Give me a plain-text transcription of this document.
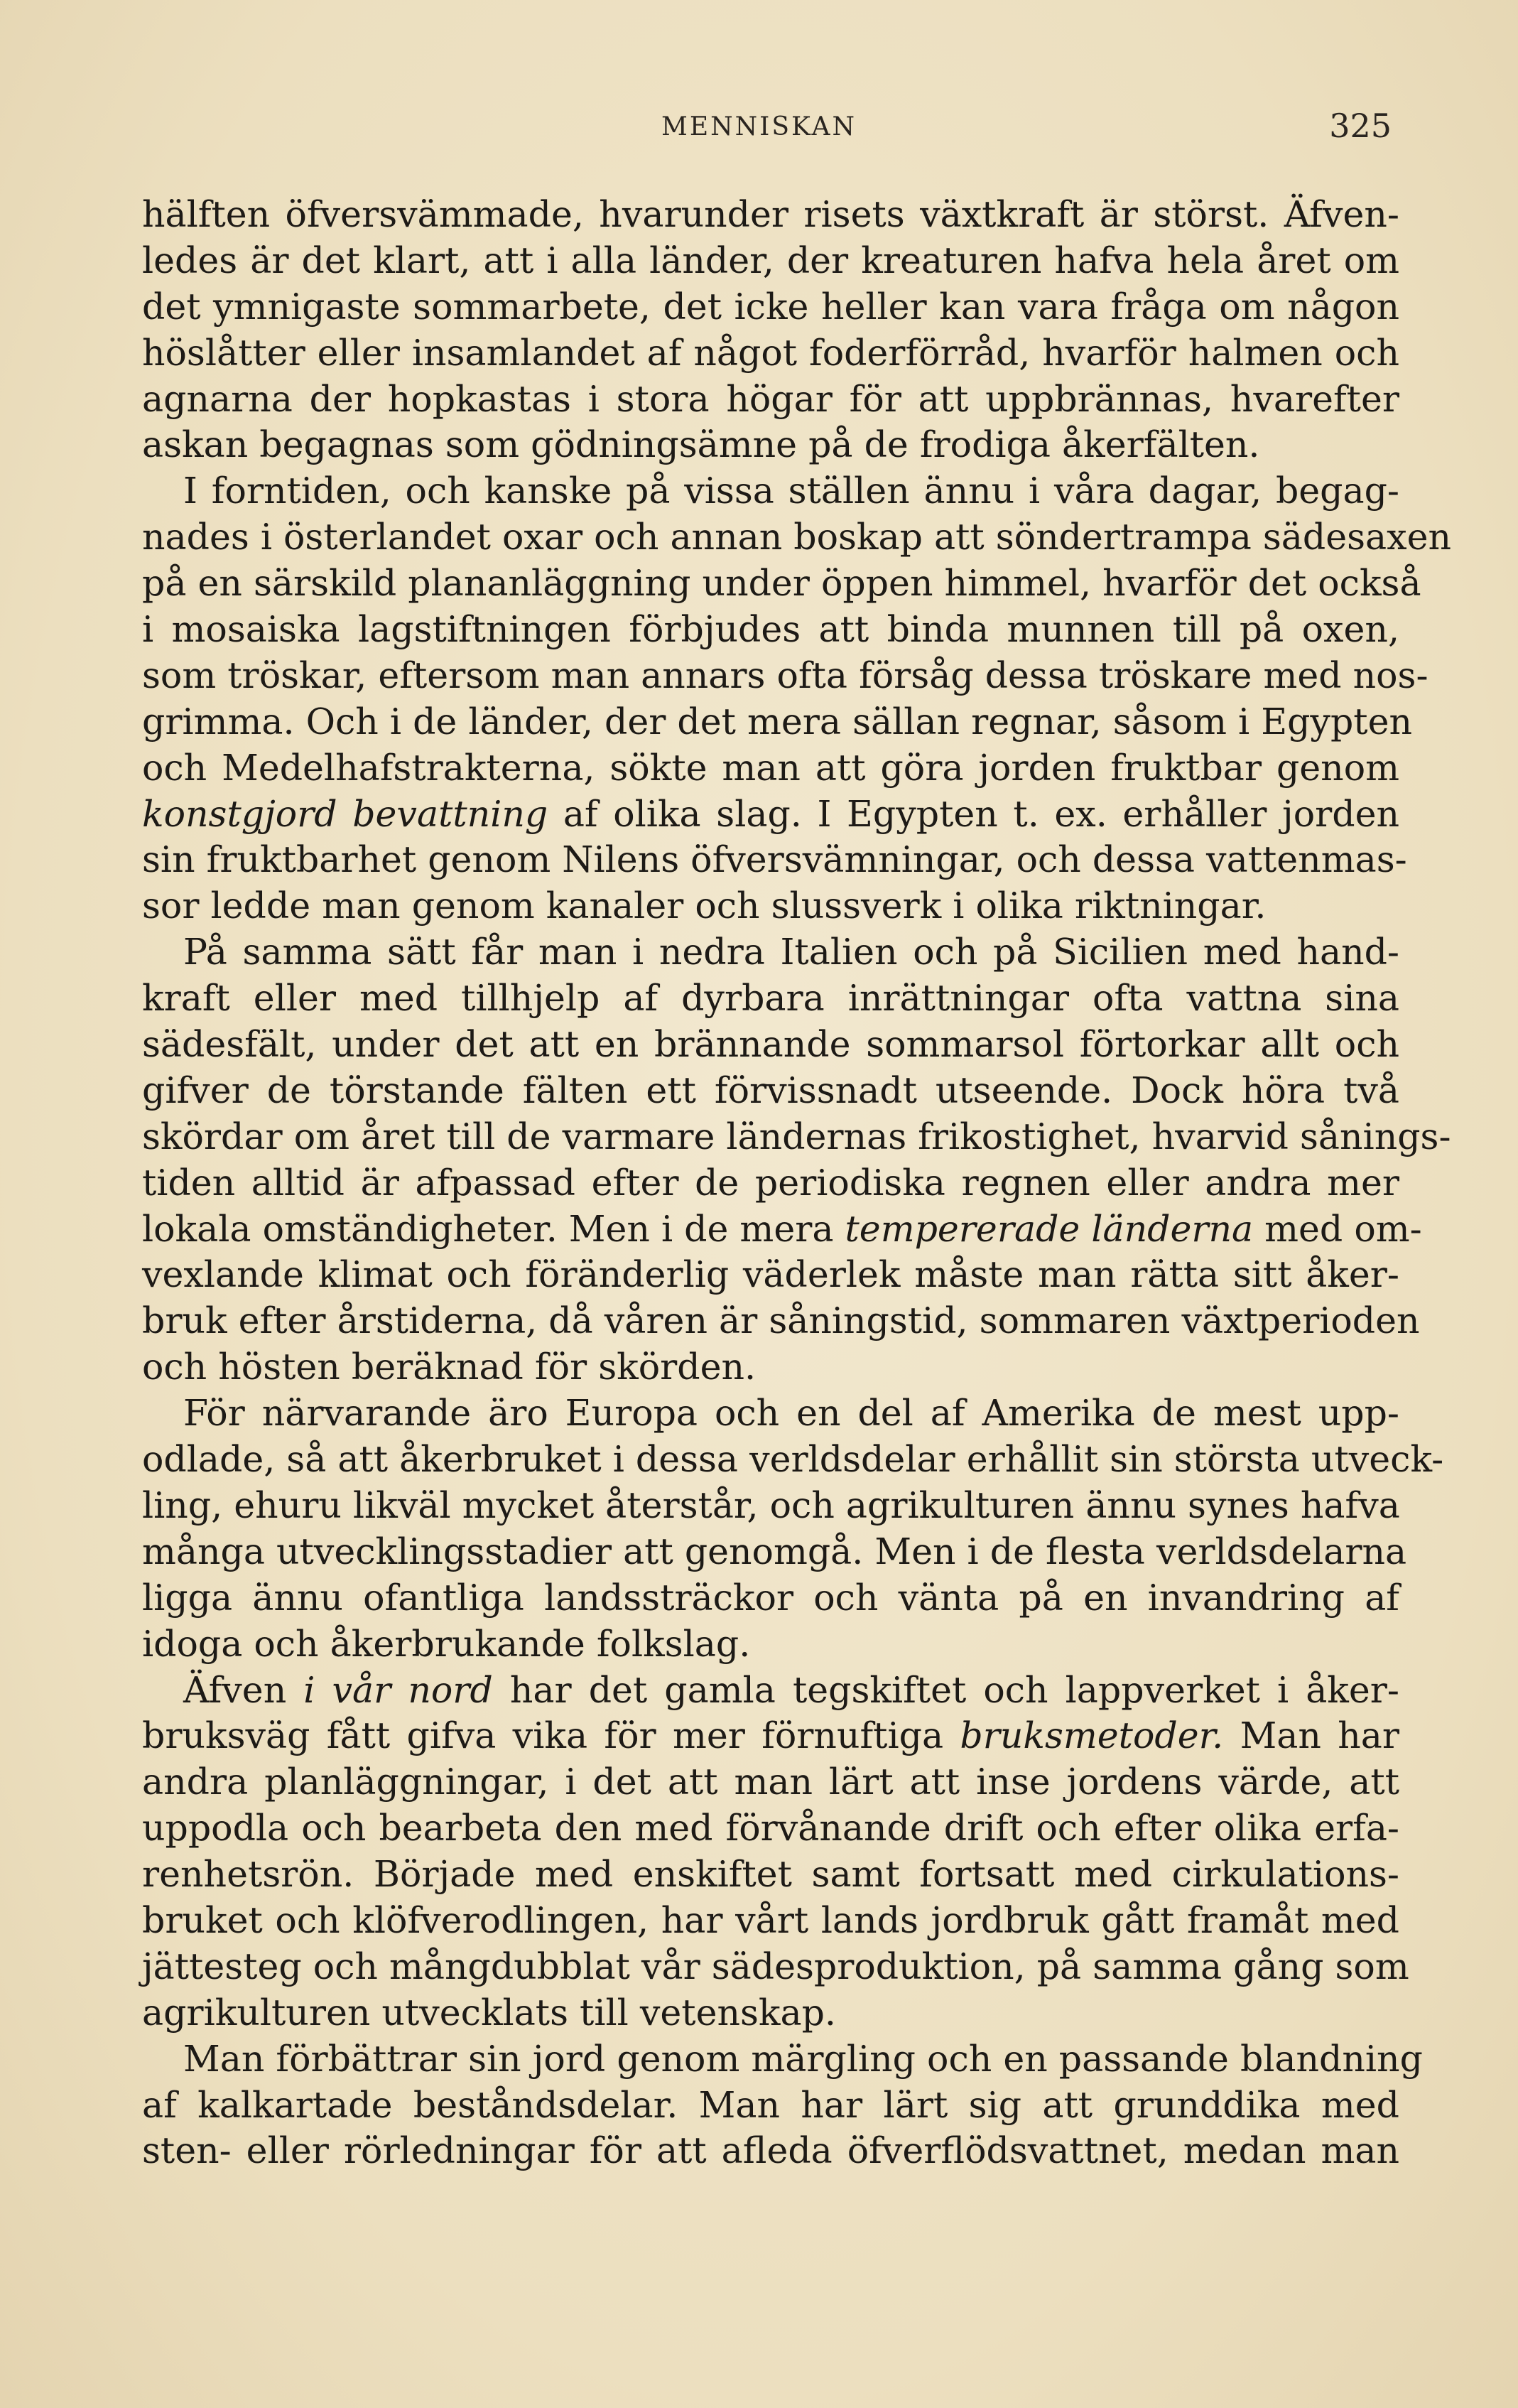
MENNISKAN	325
hälften öfversvämmade, hvarunder risets växtkraft är störst. Äfven-
ledes är det klart, att i alla länder, der kreaturen hafva hela året om
det ymnigaste sommarbete, det icke heller kan vara fråga om någon
höslåtter eller insamlandet af något foderförråd, hvarför halmen och
agnarna der hopkastas i stora högar för att uppbrännas, hvarefter
askan begagnas som gödningsämne på de frodiga åkerfälten.
I forntiden, och kanske på vissa ställen ännu i våra dagar, begag-
nades i österlandet oxar och annan boskap att söndertrampa sädesaxen
på en särskild plananläggning under öppen himmel, hvarför det också
i mosaiska lagstiftningen förbjudes att binda munnen till på oxen,
som tröskar, eftersom man annars ofta försåg dessa tröskare med nos-
grimma. Och i de länder, der det mera sällan regnar, såsom i Egypten
och Medelhafstrakterna, sökte man att göra jorden fruktbar genom
konstgjord bevattning af olika slag. I Egypten t. ex. erhåller jorden
sin fruktbarhet genom Nilens öfversvämningar, och dessa vattenmas-
sor ledde man genom kanaler och slussverk i olika riktningar.
På samma sätt får man i nedra Italien och på Sicilien med hand-
kraft eller med tillhjelp af dyrbara inrättningar ofta vattna sina
sädesfält, under det att en brännande sommarsol förtorkar allt och
gifver de törstande fälten ett förvissnadt utseende. Dock höra två
skördar om året till de varmare ländernas frikostighet, hvarvid sånings-
tiden alltid är afpassad efter de periodiska regnen eller andra mer
lokala omständigheter. Men i de mera tempererade länderna med om-
vexlande klimat och föränderlig väderlek måste man rätta sitt åker-
bruk efter årstiderna, då våren är såningstid, sommaren växtperioden
och hösten beräknad för skörden.
För närvarande äro Europa och en del af Amerika de mest upp-
odlade, så att åkerbruket i dessa verldsdelar erhållit sin största utveck-
ling, ehuru likväl mycket återstår, och agrikulturen ännu synes hafva
många utvecklingsstadier att genomgå. Men i de flesta verldsdelarna
ligga ännu ofantliga landssträckor och vänta på en invandring af
idoga och åkerbrukande folkslag.
Äfven i vår nord har det gamla tegskiftet och lappverket i åker-
bruksväg fått gifva vika för mer förnuftiga bruksmetoder. Man har
andra planläggningar, i det att man lärt att inse jordens värde, att
uppodla och bearbeta den med förvånande drift och efter olika erfa-
renhetsrön. Började med enskiftet samt fortsatt med cirkulations-
bruket och klöfverodlingen, har vårt lands jordbruk gått framåt med
jättesteg och mångdubblat vår sädesproduktion, på samma gång som
agrikulturen utvecklats till vetenskap.
Man förbättrar sin jord genom märgling och en passande blandning
af kalkartade beståndsdelar. Man har lärt sig att grunddika med
sten- eller rörledningar för att afleda öfverflödsvattnet, medan man
